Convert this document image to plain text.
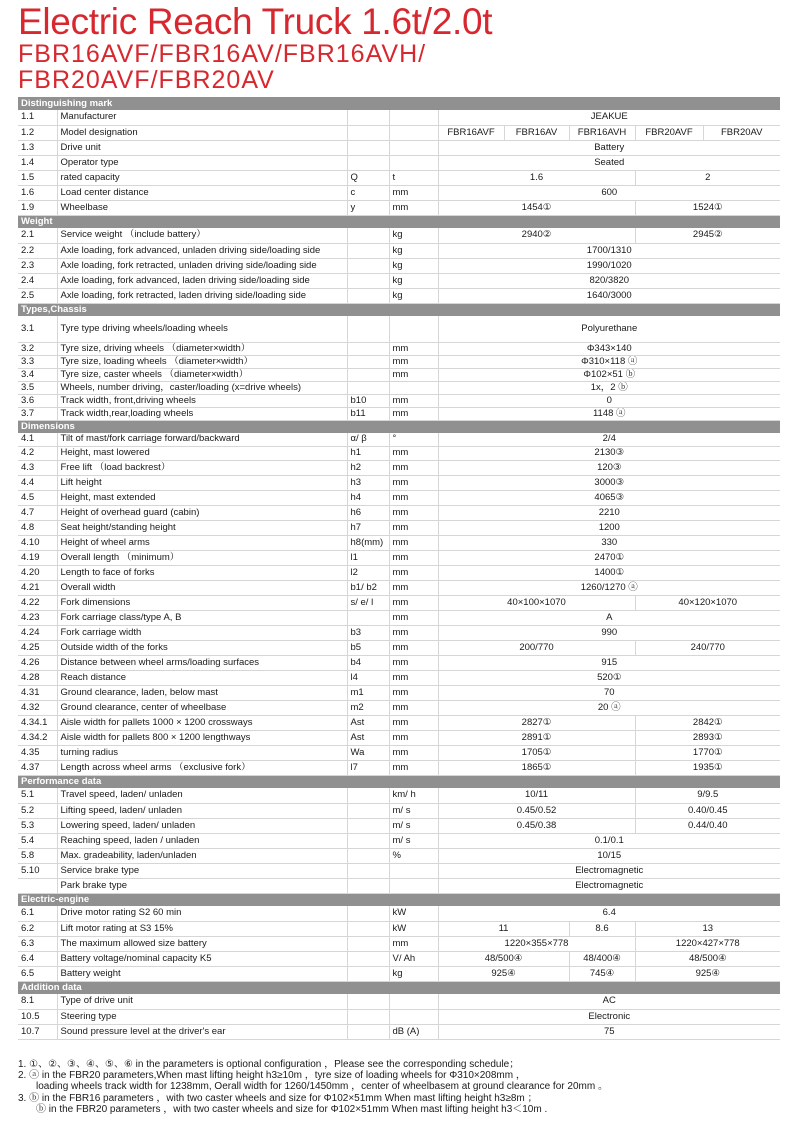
Electric Reach Truck 1.6t/2.0t
FBR16AVF/FBR16AV/FBR16AVH/
FBR20AVF/FBR20AV
Distinguishing mark								
1.1	Manufacturer			JEAKUE				
1.2	Model designation			FBR16AVF	FBR16AV	FBR16AVH	FBR20AVF	FBR20AV
1.3	Drive unit			Battery				
1.4	Operator type			Seated				
1.5	rated capacity	Q	t	1.6			2	
1.6	Load center distance	c	mm	600				
1.9	Wheelbase	y	mm	1454①			1524①	
Weight								
2.1	Service weight （include battery）		kg	2940②			2945②	
2.2	Axle loading, fork advanced, unladen driving side/loading side		kg	1700/1310				
2.3	Axle loading, fork retracted, unladen driving side/loading side		kg	1990/1020				
2.4	Axle loading, fork advanced, laden driving side/loading side		kg	820/3820				
2.5	Axle loading, fork retracted, laden driving side/loading side		kg	1640/3000				
Types,Chassis								
3.1	Tyre type driving wheels/loading wheels			Polyurethane				
3.2	Tyre size, driving wheels （diameter×width）		mm	Φ343×140				
3.3	Tyre size, loading wheels （diameter×width）		mm	Φ310×118 ⓐ				
3.4	Tyre size, caster wheels （diameter×width）		mm	Φ102×51 ⓑ				
3.5	Wheels, number driving，caster/loading (x=drive wheels)			1x，2 ⓑ				
3.6	Track width, front,driving wheels	b10	mm	0				
3.7	Track width,rear,loading wheels	b11	mm	1148 ⓐ				
Dimensions								
4.1	Tilt of mast/fork carriage forward/backward	α/ β	°	2/4				
4.2	Height, mast lowered	h1	mm	2130③				
4.3	Free lift （load backrest）	h2	mm	120③				
4.4	Lift height	h3	mm	3000③				
4.5	Height, mast extended	h4	mm	4065③				
4.7	Height of overhead guard (cabin)	h6	mm	2210				
4.8	Seat height/standing height	h7	mm	1200				
4.10	Height of wheel arms	h8(mm)	mm	330				
4.19	Overall length （minimum）	l1	mm	2470①				
4.20	Length to face of forks	l2	mm	1400①				
4.21	Overall width	b1/ b2	mm	1260/1270 ⓐ				
4.22	Fork dimensions	s/ e/ l	mm	40×100×1070			40×120×1070	
4.23	Fork carriage class/type A, B		mm	A				
4.24	Fork carriage width	b3	mm	990				
4.25	Outside width of the forks	b5	mm	200/770			240/770	
4.26	Distance between wheel arms/loading surfaces	b4	mm	915				
4.28	Reach distance	l4	mm	520①				
4.31	Ground clearance, laden, below mast	m1	mm	70				
4.32	Ground clearance, center of wheelbase	m2	mm	20 ⓐ				
4.34.1	Aisle width for pallets 1000 × 1200 crossways	Ast	mm	2827①			2842①	
4.34.2	Aisle width for pallets 800 × 1200 lengthways	Ast	mm	2891①			2893①	
4.35	turning radius	Wa	mm	1705①			1770①	
4.37	Length across wheel arms （exclusive fork）	l7	mm	1865①			1935①	
Performance data								
5.1	Travel speed, laden/ unladen		km/ h	10/11			9/9.5	
5.2	Lifting speed, laden/ unladen		m/ s	0.45/0.52			0.40/0.45	
5.3	Lowering speed, laden/ unladen		m/ s	0.45/0.38			0.44/0.40	
5.4	Reaching speed, laden / unladen		m/ s	0.1/0.1				
5.8	Max. gradeability, laden/unladen		%	10/15				
5.10	Service brake type			Electromagnetic				
	Park brake type			Electromagnetic				
Electric-engine								
6.1	Drive motor rating S2 60 min		kW	6.4				
6.2	Lift motor rating at S3 15%		kW	11		8.6	13	
6.3	The maximum allowed size battery		mm	1220×355×778			1220×427×778	
6.4	Battery voltage/nominal capacity K5		V/ Ah	48/500④		48/400④	48/500④	
6.5	Battery weight		kg	925④		745④	925④	
Addition data								
8.1	Type of drive unit			AC				
10.5	Steering type			Electronic				
10.7	Sound pressure level at the driver's ear		dB (A)	75				
1. ①、②、③、④、⑤、⑥ in the parameters is optional configuration ，Please see the corresponding schedule；
2. ⓐ in the FBR20 parameters,When mast lifting height h3≥10m ，tyre size of loading wheels for Φ310×208mm ，
loading wheels track width for 1238mm, Oerall width for 1260/1450mm ，center of wheelbasem at ground clearance for 20mm 。
3. ⓑ in the FBR16 parameters ，with two caster wheels and size for Φ102×51mm When mast lifting height h3≥8m ；
ⓑ in the FBR20 parameters ，with two caster wheels and size for Φ102×51mm When mast lifting height h3＜10m .
